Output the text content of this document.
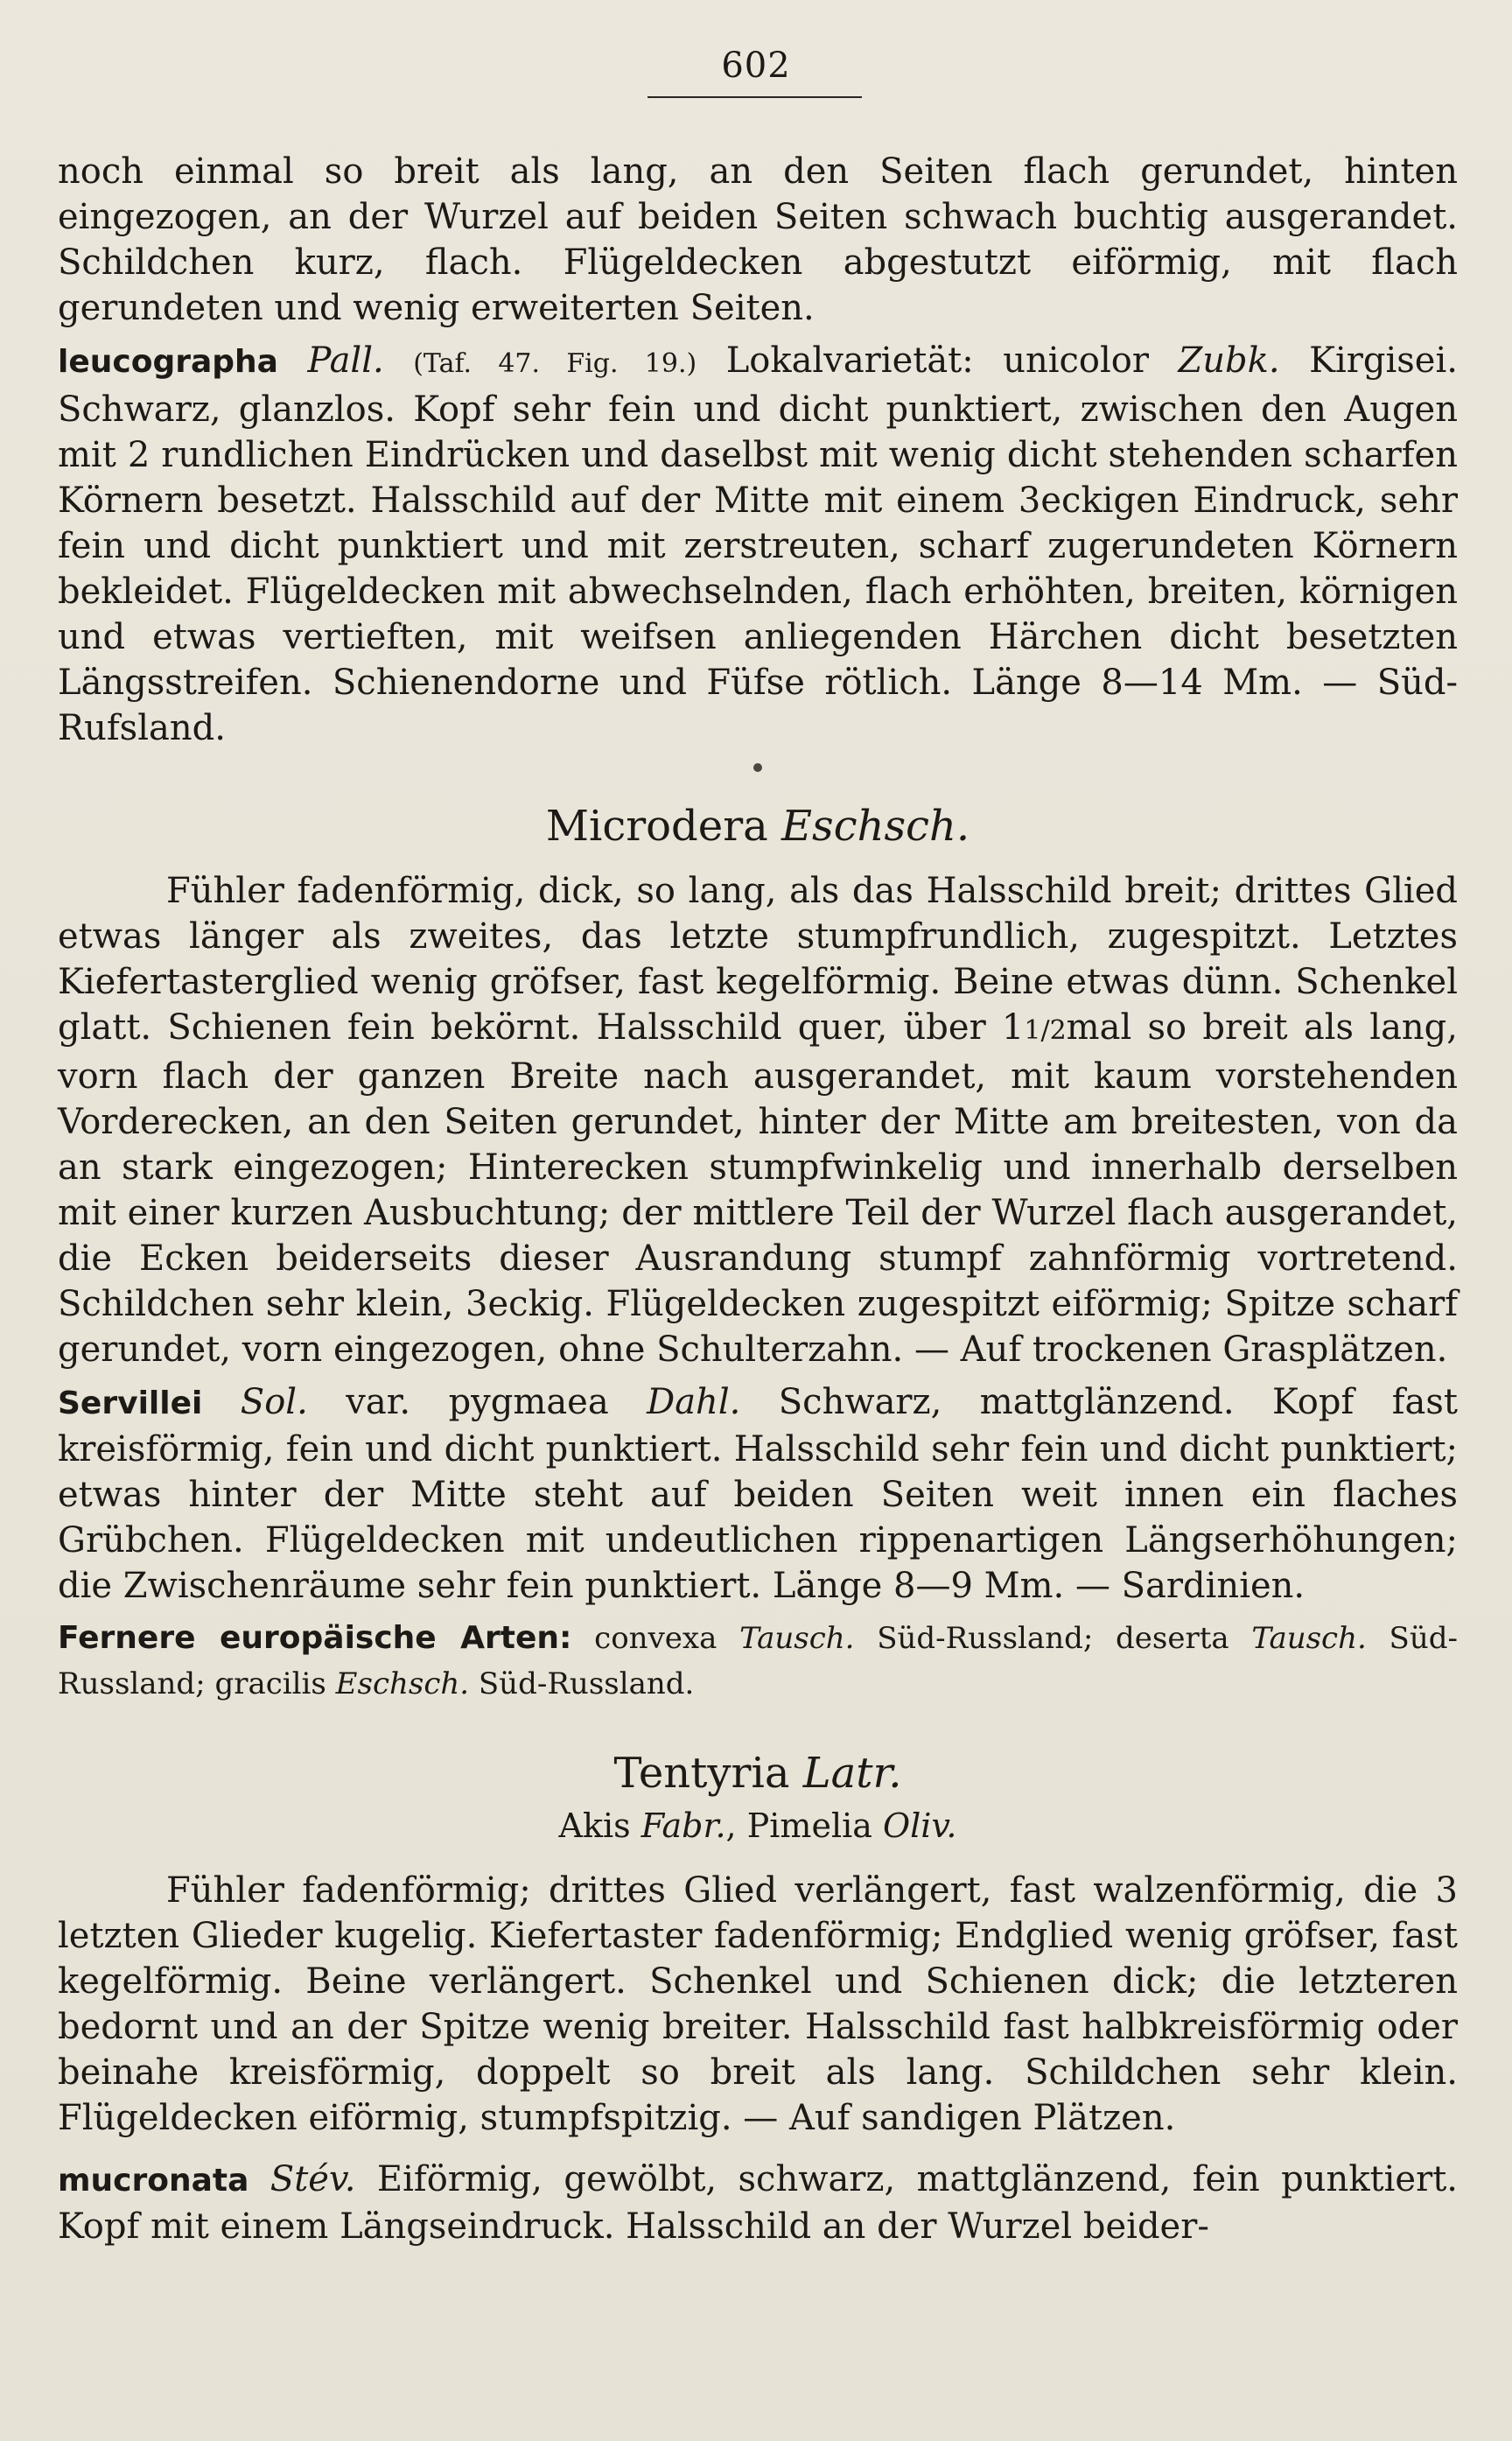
602

noch einmal so breit als lang, an den Seiten flach gerundet, hinten eingezogen, an der Wurzel auf beiden Seiten schwach buchtig ausgerandet. Schildchen kurz, flach. Flügeldecken abgestutzt eiförmig, mit flach gerundeten und wenig erweiterten Seiten.

leucographa Pall. (Taf. 47. Fig. 19.) Lokalvarietät: unicolor Zubk. Kirgisei. Schwarz, glanzlos. Kopf sehr fein und dicht punktiert, zwischen den Augen mit 2 rundlichen Eindrücken und daselbst mit wenig dicht stehenden scharfen Körnern besetzt. Halsschild auf der Mitte mit einem 3eckigen Eindruck, sehr fein und dicht punktiert und mit zerstreuten, scharf zugerundeten Körnern bekleidet. Flügeldecken mit abwechselnden, flach erhöhten, breiten, körnigen und etwas vertieften, mit weifsen anliegenden Härchen dicht besetzten Längsstreifen. Schienendorne und Füfse rötlich. Länge 8—14 Mm. — Süd-Rufsland.

Microdera Eschsch.

Fühler fadenförmig, dick, so lang, als das Halsschild breit; drittes Glied etwas länger als zweites, das letzte stumpfrundlich, zugespitzt. Letztes Kiefertasterglied wenig gröfser, fast kegelförmig. Beine etwas dünn. Schenkel glatt. Schienen fein bekörnt. Halsschild quer, über 11/2mal so breit als lang, vorn flach der ganzen Breite nach ausgerandet, mit kaum vorstehenden Vorderecken, an den Seiten gerundet, hinter der Mitte am breitesten, von da an stark eingezogen; Hinterecken stumpfwinkelig und innerhalb derselben mit einer kurzen Ausbuchtung; der mittlere Teil der Wurzel flach ausgerandet, die Ecken beiderseits dieser Ausrandung stumpf zahnförmig vortretend. Schildchen sehr klein, 3eckig. Flügeldecken zugespitzt eiförmig; Spitze scharf gerundet, vorn eingezogen, ohne Schulterzahn. — Auf trockenen Grasplätzen.

Servillei Sol. var. pygmaea Dahl. Schwarz, mattglänzend. Kopf fast kreisförmig, fein und dicht punktiert. Halsschild sehr fein und dicht punktiert; etwas hinter der Mitte steht auf beiden Seiten weit innen ein flaches Grübchen. Flügeldecken mit undeutlichen rippenartigen Längserhöhungen; die Zwischenräume sehr fein punktiert. Länge 8—9 Mm. — Sardinien.

Fernere europäische Arten: convexa Tausch. Süd-Russland; deserta Tausch. Süd-Russland; gracilis Eschsch. Süd-Russland.

Tentyria Latr.

Akis Fabr., Pimelia Oliv.

Fühler fadenförmig; drittes Glied verlängert, fast walzenförmig, die 3 letzten Glieder kugelig. Kiefertaster fadenförmig; Endglied wenig gröfser, fast kegelförmig. Beine verlängert. Schenkel und Schienen dick; die letzteren bedornt und an der Spitze wenig breiter. Halsschild fast halbkreisförmig oder beinahe kreisförmig, doppelt so breit als lang. Schildchen sehr klein. Flügeldecken eiförmig, stumpfspitzig. — Auf sandigen Plätzen.

mucronata Stév. Eiförmig, gewölbt, schwarz, mattglänzend, fein punktiert. Kopf mit einem Längseindruck. Halsschild an der Wurzel beider-
